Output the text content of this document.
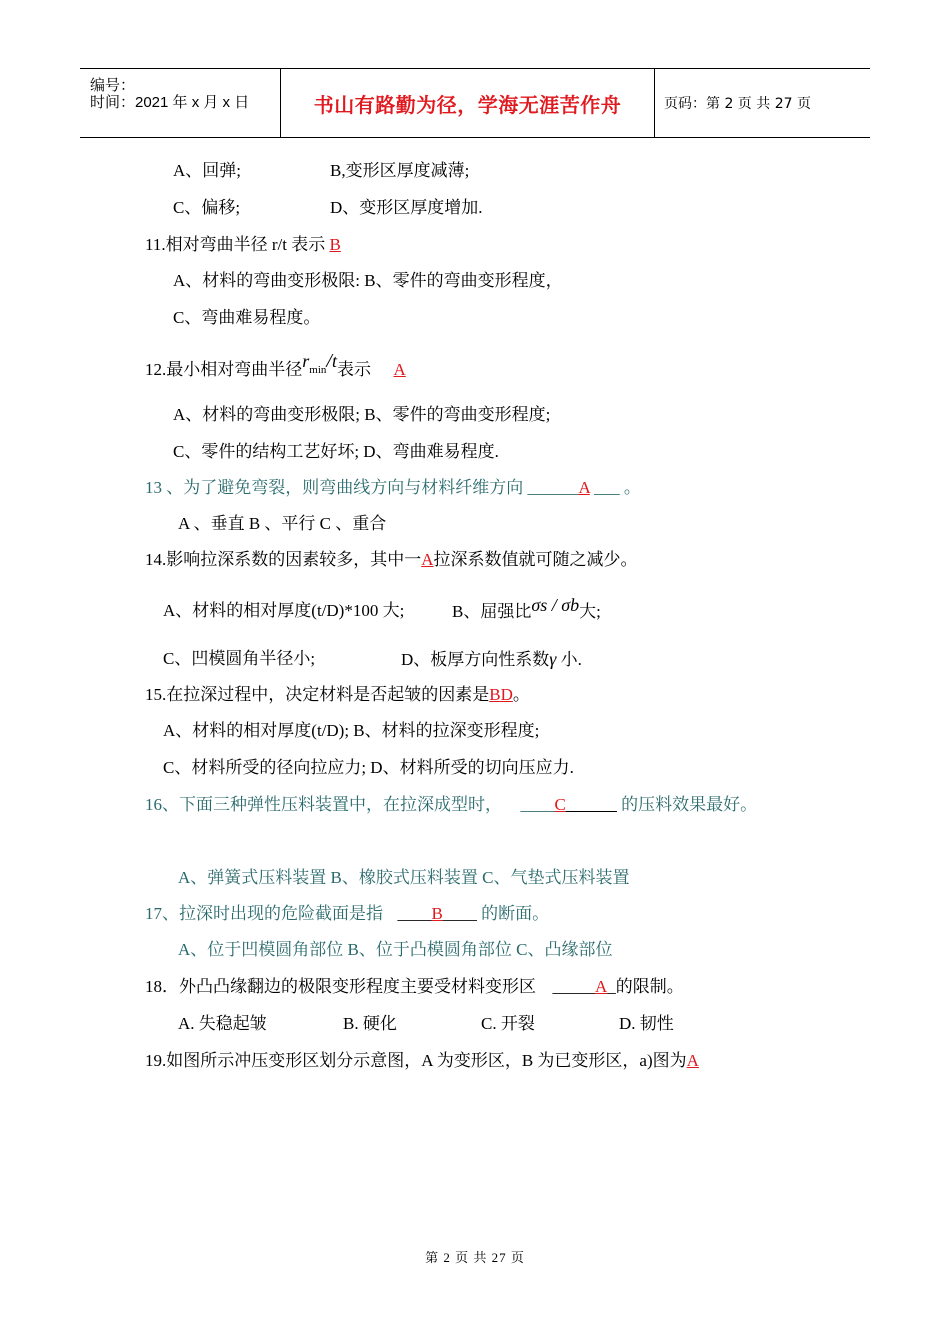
编号：
时间：2021 年 x 月 x 日	书山有路勤为径，学海无涯苦作舟	页码：第 2 页 共 27 页
A、回弹;	B,变形区厚度减薄;
C、偏移;	D、变形区厚度增加.
11.相对弯曲半径 r/t 表示 B
A、材料的弯曲变形极限: B、零件的弯曲变形程度，
C、弯曲难易程度。
12.最小相对弯曲半径rmin/t表示 A
A、材料的弯曲变形极限; B、零件的弯曲变形程度;
C、零件的结构工艺好坏; D、弯曲难易程度.
13 、为了避免弯裂，则弯曲线方向与材料纤维方向 ______A ___ 。
A 、垂直 B 、平行 C 、重合
14.影响拉深系数的因素较多，其中一A拉深系数值就可随之减少。
A、材料的相对厚度(t/D)*100 大;	B、屈强比σs / σb大;
C、凹模圆角半径小;	D、板厚方向性系数γ 小.
15.在拉深过程中，决定材料是否起皱的因素是BD。
A、材料的相对厚度(t/D); B、材料的拉深变形程度;
C、材料所受的径向拉应力; D、材料所受的切向压应力.
16、下面三种弹性压料装置中，在拉深成型时， ____C______ 的压料效果最好。
A、弹簧式压料装置 B、橡胶式压料装置 C、气垫式压料装置
17、拉深时出现的危险截面是指 ____B____ 的断面。
A、位于凹模圆角部位 B、位于凸模圆角部位 C、凸缘部位
18．外凸凸缘翻边的极限变形程度主要受材料变形区 _____A_的限制。
A. 失稳起皱	B. 硬化	C. 开裂	D. 韧性
19.如图所示冲压变形区划分示意图，A 为变形区，B 为已变形区，a)图为A
第 2 页 共 27 页
